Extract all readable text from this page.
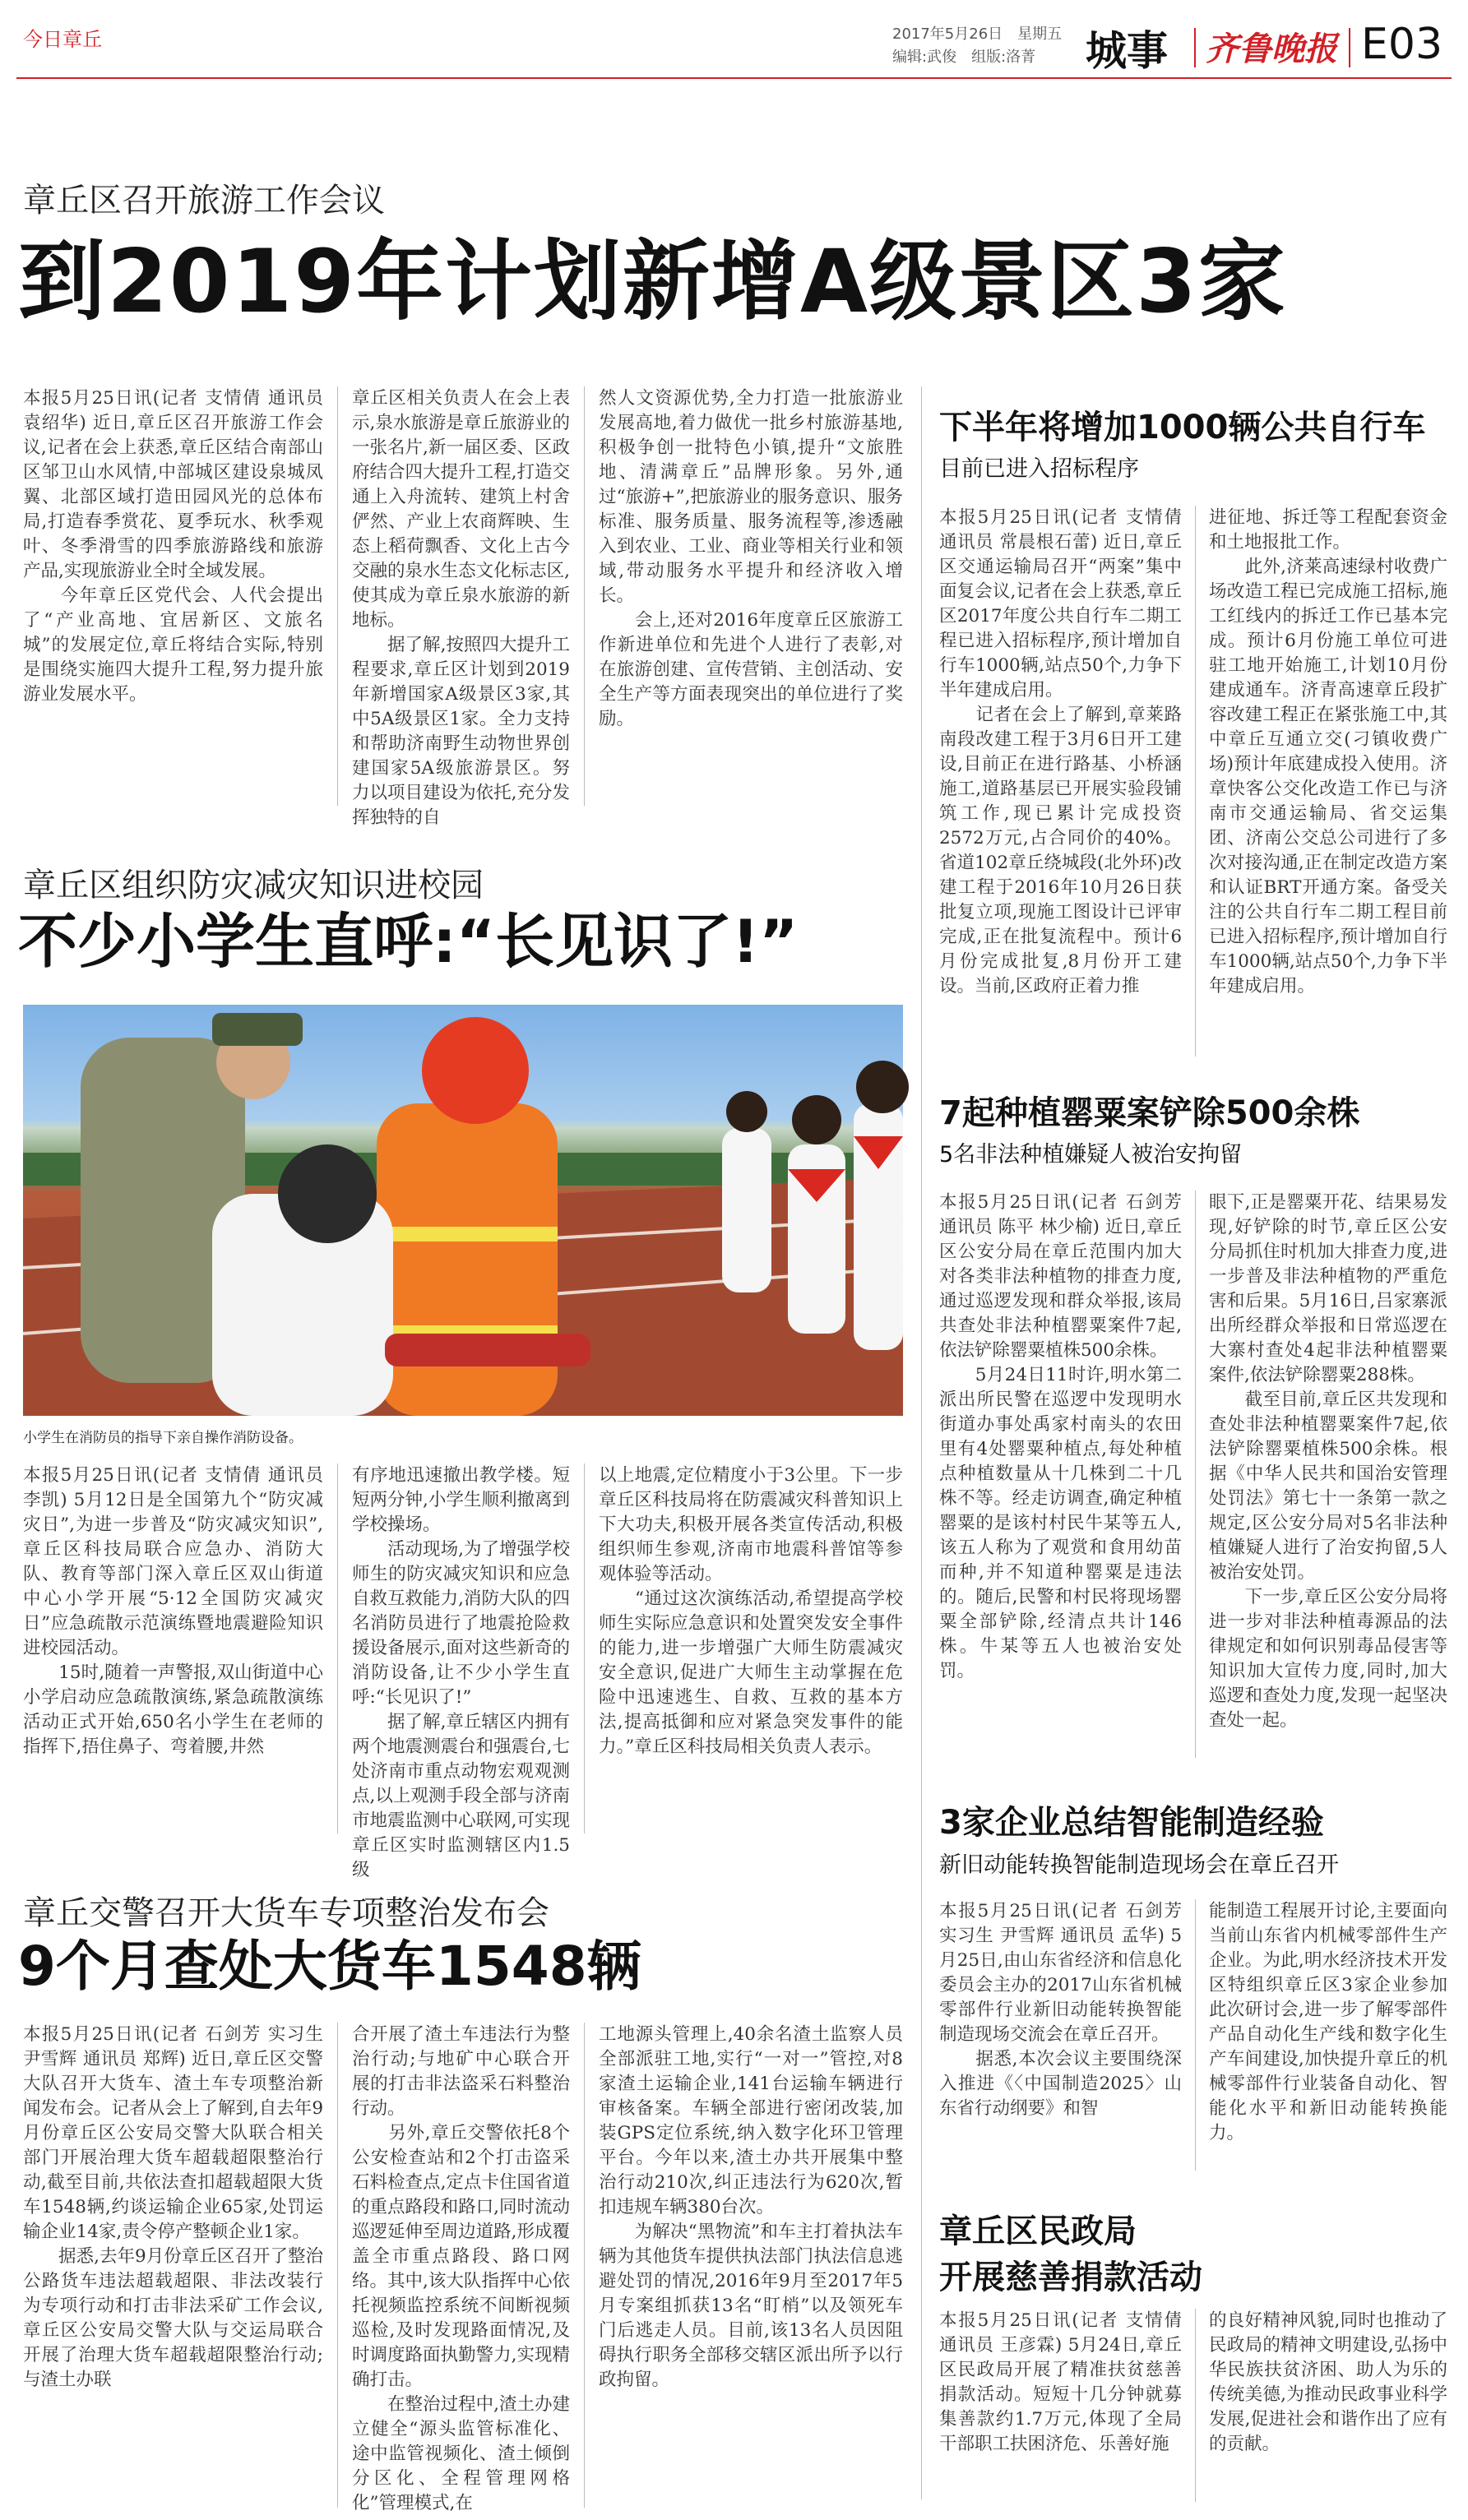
今日章丘	2017年5月26日　 星期五
编辑:武俊　 组版:洛菁	城事 齐鲁晚报 E03
章丘区召开旅游工作会议
到2019年计划新增A级景区3家
本报5月25日讯(记者 支情倩 通讯员 袁绍华) 近日,章丘区召开旅游工作会议,记者在会上获悉,章丘区结合南部山区邹卫山水风情,中部城区建设泉城凤翼、北部区域打造田园风光的总体布局,打造春季赏花、夏季玩水、秋季观叶、冬季滑雪的四季旅游路线和旅游产品,实现旅游业全时全域发展。
　　今年章丘区党代会、人代会提出了“产业高地、宜居新区、文旅名城”的发展定位,章丘将结合实际,特别是围绕实施四大提升工程,努力提升旅游业发展水平。
章丘区相关负责人在会上表示,泉水旅游是章丘旅游业的一张名片,新一届区委、区政府结合四大提升工程,打造交通上入舟流转、建筑上村舍俨然、产业上农商辉映、生态上稻荷飘香、文化上古今交融的泉水生态文化标志区,使其成为章丘泉水旅游的新地标。
　　据了解,按照四大提升工程要求,章丘区计划到2019年新增国家A级景区3家,其中5A级景区1家。全力支持和帮助济南野生动物世界创建国家5A级旅游景区。努力以项目建设为依托,充分发挥独特的自
然人文资源优势,全力打造一批旅游业发展高地,着力做优一批乡村旅游基地,积极争创一批特色小镇,提升“文旅胜地、清满章丘”品牌形象。另外,通过“旅游+”,把旅游业的服务意识、服务标准、服务质量、服务流程等,渗透融入到农业、工业、商业等相关行业和领域,带动服务水平提升和经济收入增长。
　　会上,还对2016年度章丘区旅游工作新进单位和先进个人进行了表彰,对在旅游创建、宣传营销、主创活动、安全生产等方面表现突出的单位进行了奖励。
章丘区组织防灾减灾知识进校园
不少小学生直呼:“长见识了!”
小学生在消防员的指导下亲自操作消防设备。
本报5月25日讯(记者 支情倩 通讯员 李凯) 5月12日是全国第九个“防灾减灾日”,为进一步普及“防灾减灾知识”,章丘区科技局联合应急办、消防大队、教育等部门深入章丘区双山街道中心小学开展“5·12全国防灾减灾日”应急疏散示范演练暨地震避险知识进校园活动。
　　15时,随着一声警报,双山街道中心小学启动应急疏散演练,紧急疏散演练活动正式开始,650名小学生在老师的指挥下,捂住鼻子、弯着腰,井然
有序地迅速撤出教学楼。短短两分钟,小学生顺利撤离到学校操场。
　　活动现场,为了增强学校师生的防灾减灾知识和应急自救互救能力,消防大队的四名消防员进行了地震抢险救援设备展示,面对这些新奇的消防设备,让不少小学生直呼:“长见识了!”
　　据了解,章丘辖区内拥有两个地震测震台和强震台,七处济南市重点动物宏观观测点,以上观测手段全部与济南市地震监测中心联网,可实现章丘区实时监测辖区内1.5级
以上地震,定位精度小于3公里。下一步章丘区科技局将在防震减灾科普知识上下大功夫,积极开展各类宣传活动,积极组织师生参观,济南市地震科普馆等参观体验等活动。
　　“通过这次演练活动,希望提高学校师生实际应急意识和处置突发安全事件的能力,进一步增强广大师生防震减灾安全意识,促进广大师生主动掌握在危险中迅速逃生、自救、互救的基本方法,提高抵御和应对紧急突发事件的能力。”章丘区科技局相关负责人表示。
章丘交警召开大货车专项整治发布会
9个月查处大货车1548辆
本报5月25日讯(记者 石剑芳 实习生 尹雪辉 通讯员 郑辉) 近日,章丘区交警大队召开大货车、渣土车专项整治新闻发布会。记者从会上了解到,自去年9月份章丘区公安局交警大队联合相关部门开展治理大货车超载超限整治行动,截至目前,共依法查扣超载超限大货车1548辆,约谈运输企业65家,处罚运输企业14家,责令停产整顿企业1家。
　　据悉,去年9月份章丘区召开了整治公路货车违法超载超限、非法改装行为专项行动和打击非法采矿工作会议,章丘区公安局交警大队与交运局联合开展了治理大货车超载超限整治行动;与渣土办联
合开展了渣土车违法行为整治行动;与地矿中心联合开展的打击非法盗采石料整治行动。
　　另外,章丘交警依托8个公安检查站和2个打击盗采石料检查点,定点卡住国省道的重点路段和路口,同时流动巡逻延伸至周边道路,形成覆盖全市重点路段、路口网络。其中,该大队指挥中心依托视频监控系统不间断视频巡检,及时发现路面情况,及时调度路面执勤警力,实现精确打击。
　　在整治过程中,渣土办建立健全“源头监管标准化、途中监管视频化、渣土倾倒分区化、全程管理网格化”管理模式,在
工地源头管理上,40余名渣土监察人员全部派驻工地,实行“一对一”管控,对8家渣土运输企业,141台运输车辆进行审核备案。车辆全部进行密闭改装,加装GPS定位系统,纳入数字化环卫管理平台。今年以来,渣土办共开展集中整治行动210次,纠正违法行为620次,暂扣违规车辆380台次。
　　为解决“黑物流”和车主打着执法车辆为其他货车提供执法部门执法信息逃避处罚的情况,2016年9月至2017年5月专案组抓获13名“盯梢”以及领死车门后逃走人员。目前,该13名人员因阻碍执行职务全部移交辖区派出所予以行政拘留。
下半年将增加1000辆公共自行车
目前已进入招标程序
本报5月25日讯(记者 支情倩 通讯员 常晨根石蕾) 近日,章丘区交通运输局召开“两案”集中面复会议,记者在会上获悉,章丘区2017年度公共自行车二期工程已进入招标程序,预计增加自行车1000辆,站点50个,力争下半年建成启用。
　　记者在会上了解到,章莱路南段改建工程于3月6日开工建设,目前正在进行路基、小桥涵施工,道路基层已开展实验段铺筑工作,现已累计完成投资2572万元,占合同价的40%。省道102章丘绕城段(北外环)改建工程于2016年10月26日获批复立项,现施工图设计已评审完成,正在批复流程中。预计6月份完成批复,8月份开工建设。当前,区政府正着力推
进征地、拆迁等工程配套资金和土地报批工作。
　　此外,济莱高速绿村收费广场改造工程已完成施工招标,施工红线内的拆迁工作已基本完成。预计6月份施工单位可进驻工地开始施工,计划10月份建成通车。济青高速章丘段扩容改建工程正在紧张施工中,其中章丘互通立交(刁镇收费广场)预计年底建成投入使用。济章快客公交化改造工作已与济南市交通运输局、省交运集团、济南公交总公司进行了多次对接沟通,正在制定改造方案和认证BRT开通方案。备受关注的公共自行车二期工程目前已进入招标程序,预计增加自行车1000辆,站点50个,力争下半年建成启用。
7起种植罂粟案铲除500余株
5名非法种植嫌疑人被治安拘留
本报5月25日讯(记者 石剑芳 通讯员 陈平 林少榆) 近日,章丘区公安分局在章丘范围内加大对各类非法种植物的排查力度,通过巡逻发现和群众举报,该局共查处非法种植罂粟案件7起,依法铲除罂粟植株500余株。
　　5月24日11时许,明水第二派出所民警在巡逻中发现明水街道办事处禹家村南头的农田里有4处罂粟种植点,每处种植点种植数量从十几株到二十几株不等。经走访调查,确定种植罂粟的是该村村民牛某等五人,该五人称为了观赏和食用幼苗而种,并不知道种罂粟是违法的。随后,民警和村民将现场罂粟全部铲除,经清点共计146株。牛某等五人也被治安处罚。
眼下,正是罂粟开花、结果易发现,好铲除的时节,章丘区公安分局抓住时机加大排查力度,进一步普及非法种植物的严重危害和后果。5月16日,吕家寨派出所经群众举报和日常巡逻在大寨村查处4起非法种植罂粟案件,依法铲除罂粟288株。
　　截至目前,章丘区共发现和查处非法种植罂粟案件7起,依法铲除罂粟植株500余株。根据《中华人民共和国治安管理处罚法》第七十一条第一款之规定,区公安分局对5名非法种植嫌疑人进行了治安拘留,5人被治安处罚。
　　下一步,章丘区公安分局将进一步对非法种植毒源品的法律规定和如何识别毒品侵害等知识加大宣传力度,同时,加大巡逻和查处力度,发现一起坚决查处一起。
3家企业总结智能制造经验
新旧动能转换智能制造现场会在章丘召开
本报5月25日讯(记者 石剑芳 实习生 尹雪辉 通讯员 孟华) 5月25日,由山东省经济和信息化委员会主办的2017山东省机械零部件行业新旧动能转换智能制造现场交流会在章丘召开。
　　据悉,本次会议主要围绕深入推进《〈中国制造2025〉山东省行动纲要》和智
能制造工程展开讨论,主要面向当前山东省内机械零部件生产企业。为此,明水经济技术开发区特组织章丘区3家企业参加此次研讨会,进一步了解零部件产品自动化生产线和数字化生产车间建设,加快提升章丘的机械零部件行业装备自动化、智能化水平和新旧动能转换能力。
章丘区民政局
开展慈善捐款活动
本报5月25日讯(记者 支情倩 通讯员 王彦霖) 5月24日,章丘区民政局开展了精准扶贫慈善捐款活动。短短十几分钟就募集善款约1.7万元,体现了全局干部职工扶困济危、乐善好施
的良好精神风貌,同时也推动了民政局的精神文明建设,弘扬中华民族扶贫济困、助人为乐的传统美德,为推动民政事业科学发展,促进社会和谐作出了应有的贡献。
